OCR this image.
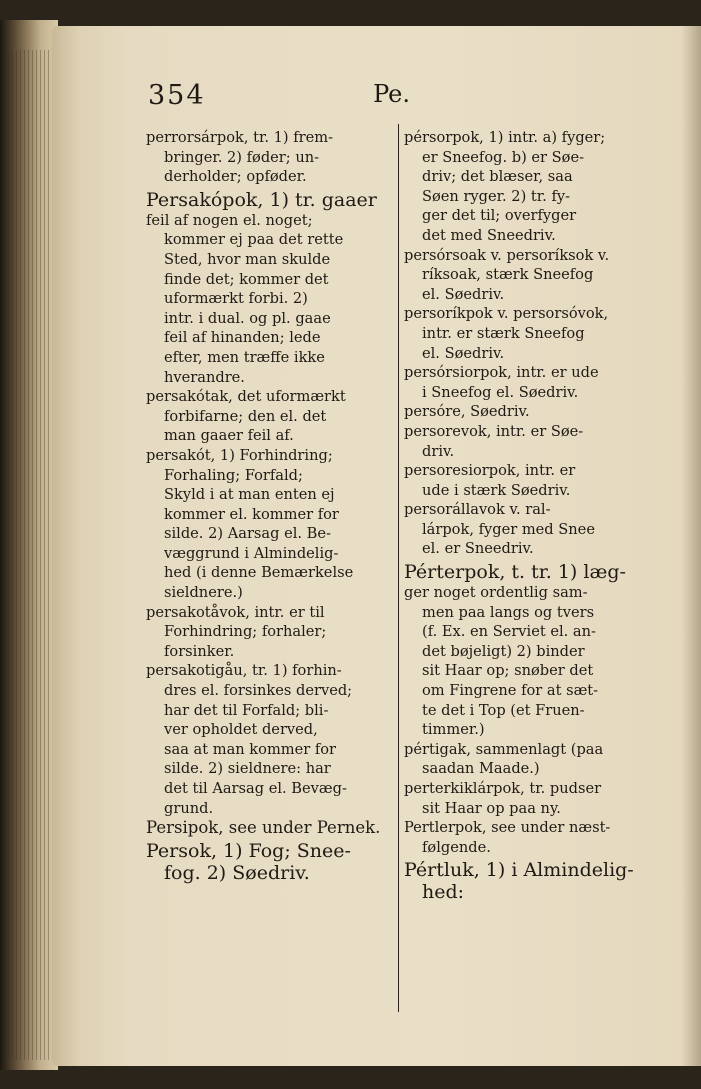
354	Pe.

perrorsárpok, tr. 1) frem-
bringer. 2) føder; un-
derholder; opføder.

Persakópok, 1) tr. gaaer

feil af nogen el. noget;
kommer ej paa det rette
Sted, hvor man skulde
finde det; kommer det
uformærkt forbi. 2)
intr. i dual. og pl. gaae
feil af hinanden; lede
efter, men træffe ikke
hverandre.

persakótak, det uformærkt
forbifarne; den el. det
man gaaer feil af.

persakót, 1) Forhindring;
Forhaling; Forfald;
Skyld i at man enten ej
kommer el. kommer for
silde. 2) Aarsag el. Be-
væggrund i Almindelig-
hed (i denne Bemærkelse
sieldnere.)

persakotåvok, intr. er til
Forhindring; forhaler;
forsinker.

persakotigåu, tr. 1) forhin-
dres el. forsinkes derved;
har det til Forfald; bli-
ver opholdet derved,
saa at man kommer for
silde. 2) sieldnere: har
det til Aarsag el. Bevæg-
grund.

Persipok, see under Pernek.

Persok, 1) Fog; Snee-
fog. 2) Søedriv.

pérsorpok, 1) intr. a) fyger;
er Sneefog. b) er Søe-
driv; det blæser, saa
Søen ryger. 2) tr. fy-
ger det til; overfyger
det med Sneedriv.

persórsoak v. persoríksok v.
ríksoak, stærk Sneefog
el. Søedriv.

persoríkpok v. persorsóvok,
intr. er stærk Sneefog
el. Søedriv.

persórsiorpok, intr. er ude
i Sneefog el. Søedriv.

persóre, Søedriv.

persorevok, intr. er Søe-
driv.

persoresiorpok, intr. er
ude i stærk Søedriv.

persorállavok v. ral-
lárpok, fyger med Snee
el. er Sneedriv.

Pérterpok, t. tr. 1) læg-

ger noget ordentlig sam-
men paa langs og tvers
(f. Ex. en Serviet el. an-
det bøjeligt) 2) binder
sit Haar op; snøber det
om Fingrene for at sæt-
te det i Top (et Fruen-
timmer.)

pértigak, sammenlagt (paa
saadan Maade.)

perterkiklárpok, tr. pudser
sit Haar op paa ny.

Pertlerpok, see under næst-
følgende.

Pértluk, 1) i Almindelig-
hed:
